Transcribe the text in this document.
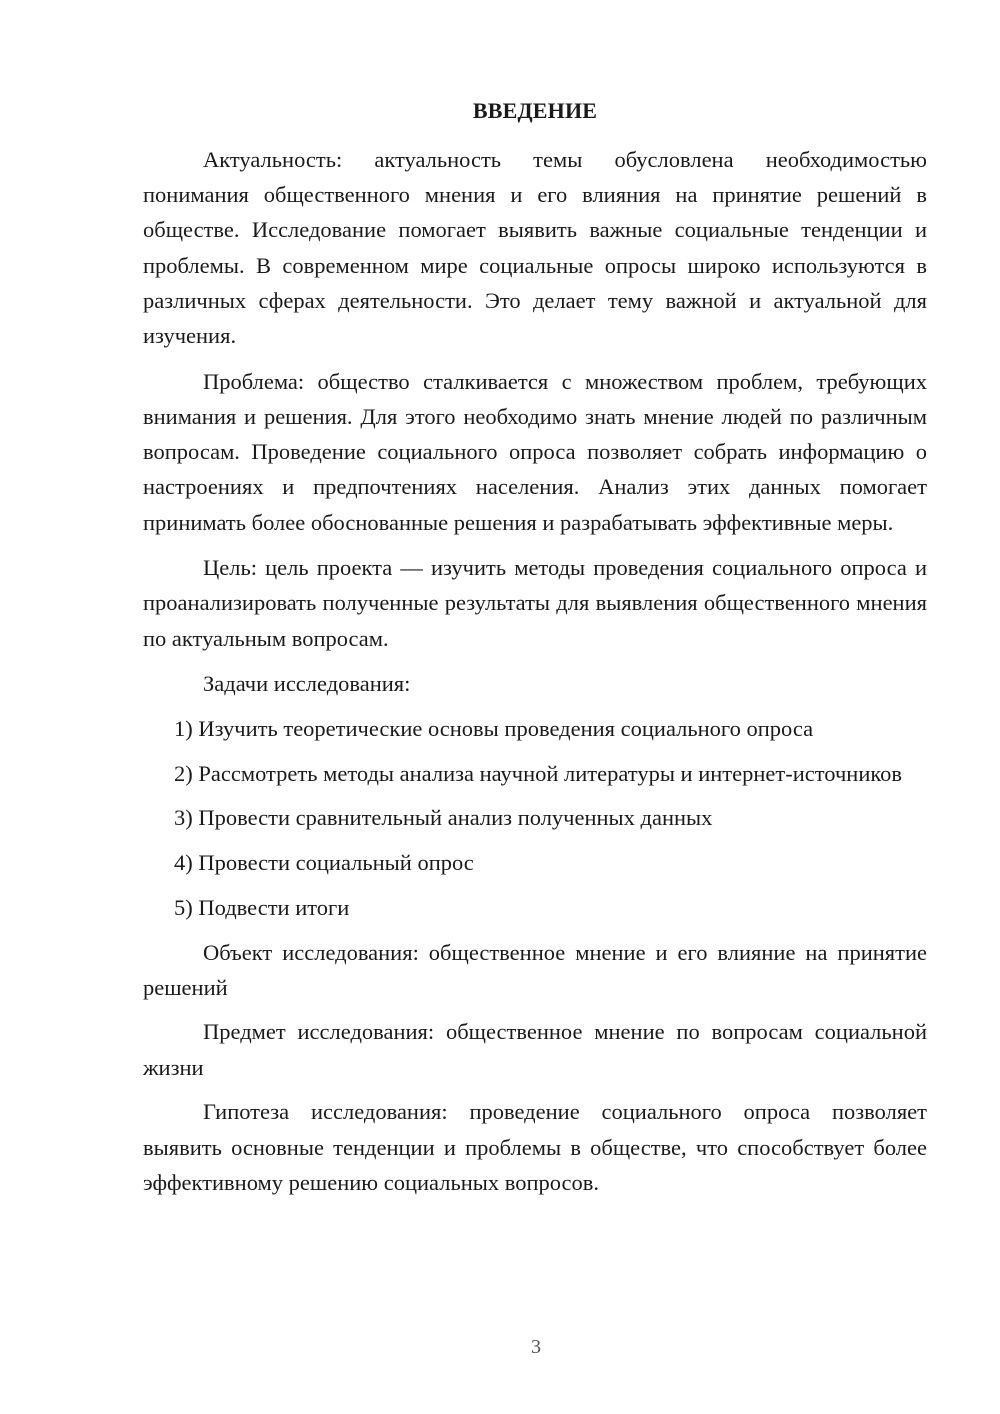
ВВЕДЕНИЕ

Актуальность: актуальность темы обусловлена необходимостью понимания общественного мнения и его влияния на принятие решений в обществе. Исследование помогает выявить важные социальные тенденции и проблемы. В современном мире социальные опросы широко используются в различных сферах деятельности. Это делает тему важной и актуальной для изучения.

Проблема: общество сталкивается с множеством проблем, требующих внимания и решения. Для этого необходимо знать мнение людей по различным вопросам. Проведение социального опроса позволяет собрать информацию о настроениях и предпочтениях населения. Анализ этих данных помогает принимать более обоснованные решения и разрабатывать эффективные меры.

Цель: цель проекта — изучить методы проведения социального опроса и проанализировать полученные результаты для выявления общественного мнения по актуальным вопросам.

Задачи исследования:

1) Изучить теоретические основы проведения социального опроса

2) Рассмотреть методы анализа научной литературы и интернет-источников

3) Провести сравнительный анализ полученных данных

4) Провести социальный опрос

5) Подвести итоги

Объект исследования: общественное мнение и его влияние на принятие решений

Предмет исследования: общественное мнение по вопросам социальной жизни

Гипотеза исследования: проведение социального опроса позволяет выявить основные тенденции и проблемы в обществе, что способствует более эффективному решению социальных вопросов.

3
